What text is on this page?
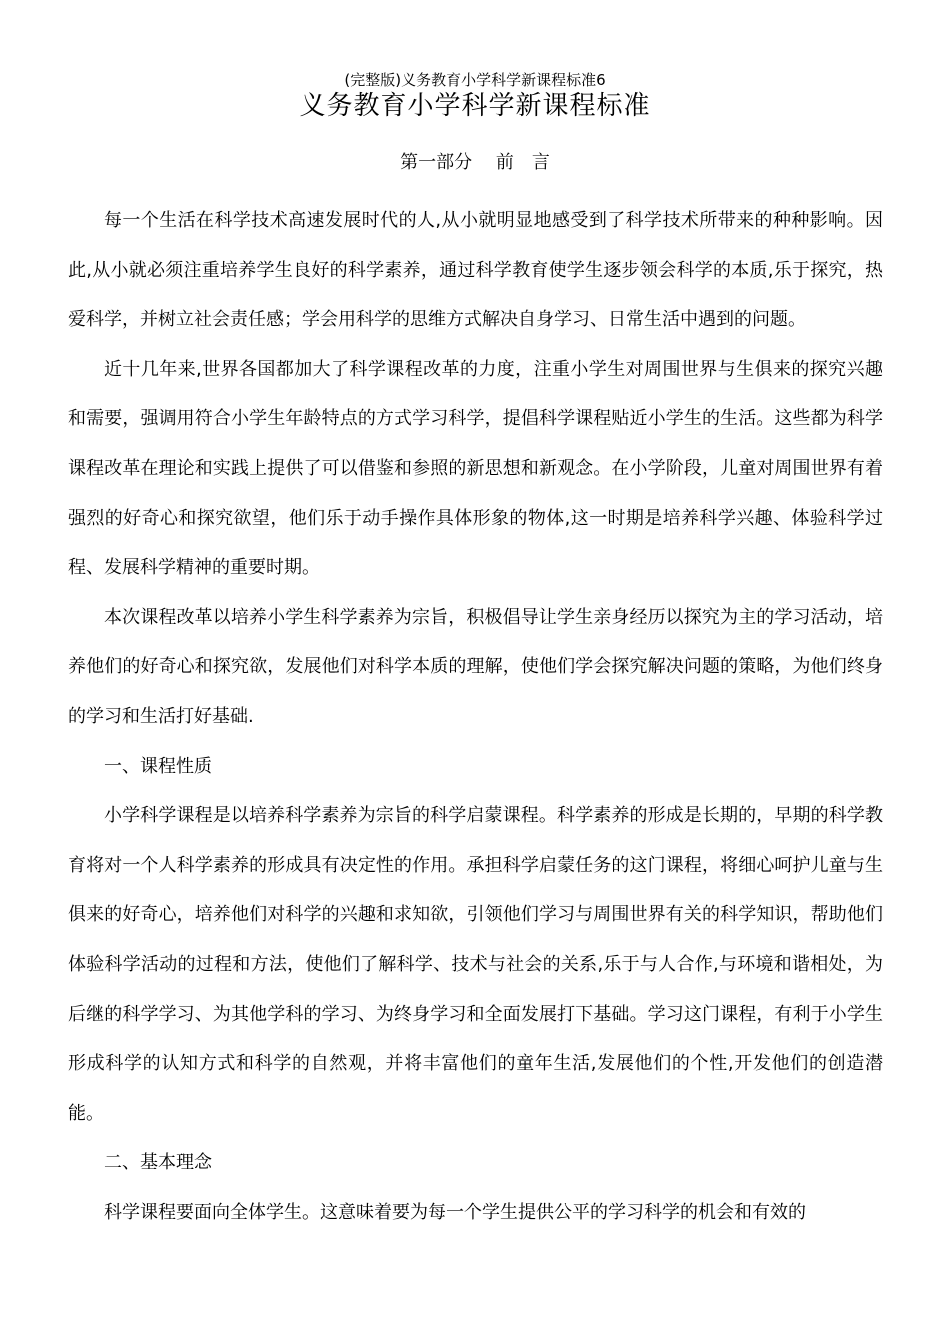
(完整版)义务教育小学科学新课程标准6
义务教育小学科学新课程标准
第一部分　 前　言

每一个生活在科学技术高速发展时代的人,从小就明显地感受到了科学技术所带来的种种影响。因此,从小就必须注重培养学生良好的科学素养，通过科学教育使学生逐步领会科学的本质,乐于探究，热爱科学，并树立社会责任感；学会用科学的思维方式解决自身学习、日常生活中遇到的问题。

近十几年来,世界各国都加大了科学课程改革的力度，注重小学生对周围世界与生俱来的探究兴趣和需要，强调用符合小学生年龄特点的方式学习科学，提倡科学课程贴近小学生的生活。这些都为科学课程改革在理论和实践上提供了可以借鉴和参照的新思想和新观念。在小学阶段，儿童对周围世界有着强烈的好奇心和探究欲望，他们乐于动手操作具体形象的物体,这一时期是培养科学兴趣、体验科学过程、发展科学精神的重要时期。

本次课程改革以培养小学生科学素养为宗旨，积极倡导让学生亲身经历以探究为主的学习活动，培养他们的好奇心和探究欲，发展他们对科学本质的理解，使他们学会探究解决问题的策略，为他们终身的学习和生活打好基础.

一、课程性质

小学科学课程是以培养科学素养为宗旨的科学启蒙课程。科学素养的形成是长期的，早期的科学教育将对一个人科学素养的形成具有决定性的作用。承担科学启蒙任务的这门课程，将细心呵护儿童与生俱来的好奇心，培养他们对科学的兴趣和求知欲，引领他们学习与周围世界有关的科学知识，帮助他们体验科学活动的过程和方法，使他们了解科学、技术与社会的关系,乐于与人合作,与环境和谐相处，为后继的科学学习、为其他学科的学习、为终身学习和全面发展打下基础。学习这门课程，有利于小学生形成科学的认知方式和科学的自然观，并将丰富他们的童年生活,发展他们的个性,开发他们的创造潜能。

二、基本理念

科学课程要面向全体学生。这意味着要为每一个学生提供公平的学习科学的机会和有效的
